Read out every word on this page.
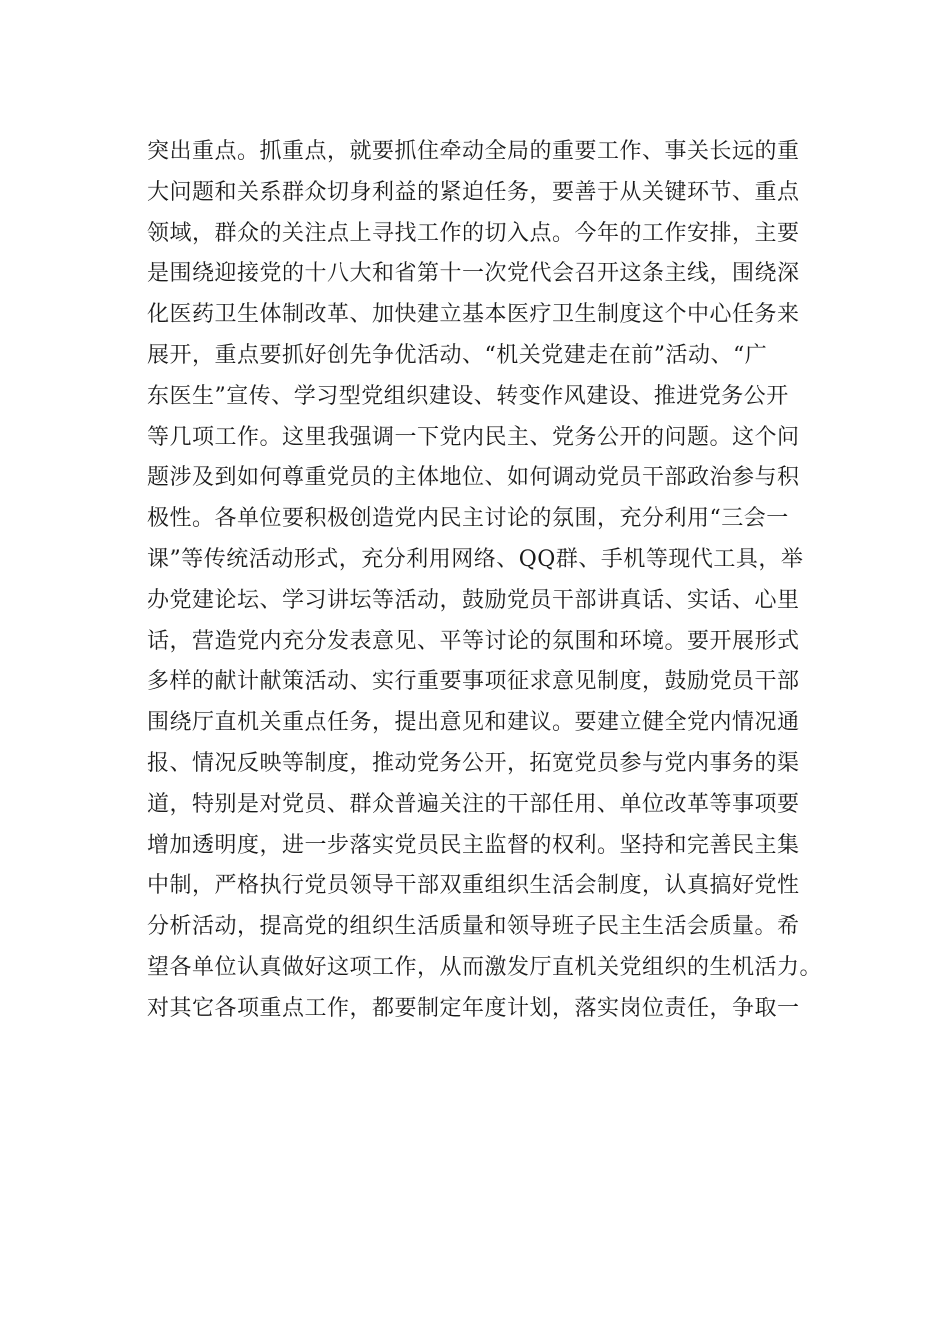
突出重点。抓重点，就要抓住牵动全局的重要工作、事关长远的重
大问题和关系群众切身利益的紧迫任务，要善于从关键环节、重点
领域，群众的关注点上寻找工作的切入点。今年的工作安排，主要
是围绕迎接党的十八大和省第十一次党代会召开这条主线，围绕深
化医药卫生体制改革、加快建立基本医疗卫生制度这个中心任务来
展开，重点要抓好创先争优活动、“机关党建走在前”活动、“广
东医生”宣传、学习型党组织建设、转变作风建设、推进党务公开
等几项工作。这里我强调一下党内民主、党务公开的问题。这个问
题涉及到如何尊重党员的主体地位、如何调动党员干部政治参与积
极性。各单位要积极创造党内民主讨论的氛围，充分利用“三会一
课”等传统活动形式，充分利用网络、QQ群、手机等现代工具，举
办党建论坛、学习讲坛等活动，鼓励党员干部讲真话、实话、心里
话，营造党内充分发表意见、平等讨论的氛围和环境。要开展形式
多样的献计献策活动、实行重要事项征求意见制度，鼓励党员干部
围绕厅直机关重点任务，提出意见和建议。要建立健全党内情况通
报、情况反映等制度，推动党务公开，拓宽党员参与党内事务的渠
道，特别是对党员、群众普遍关注的干部任用、单位改革等事项要
增加透明度，进一步落实党员民主监督的权利。坚持和完善民主集
中制，严格执行党员领导干部双重组织生活会制度，认真搞好党性
分析活动，提高党的组织生活质量和领导班子民主生活会质量。希
望各单位认真做好这项工作，从而激发厅直机关党组织的生机活力。
对其它各项重点工作，都要制定年度计划，落实岗位责任，争取一
